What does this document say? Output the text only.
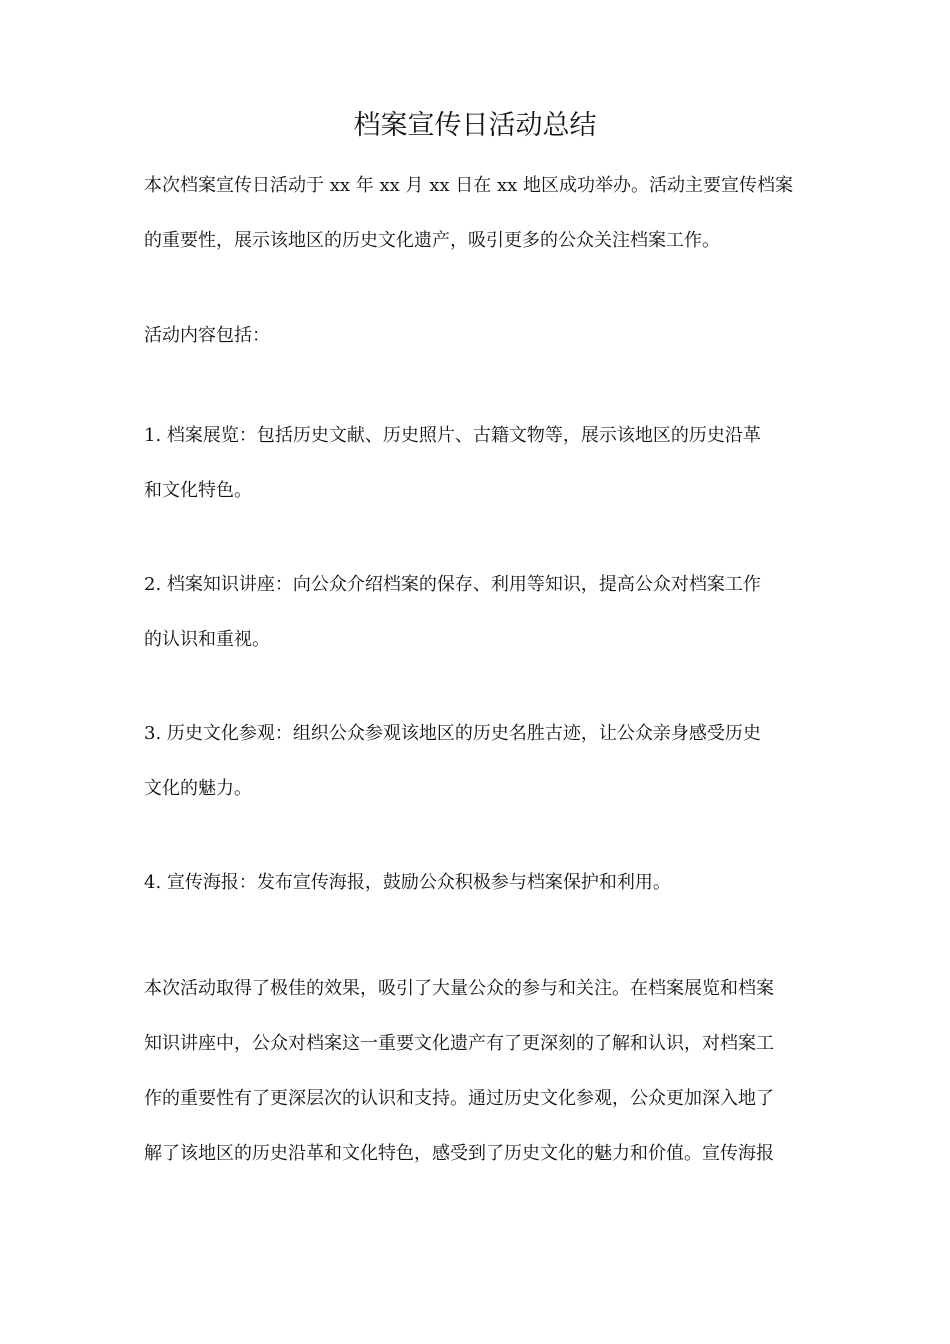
档案宣传日活动总结
本次档案宣传日活动于 xx 年 xx 月 xx 日在 xx 地区成功举办。活动主要宣传档案
的重要性，展示该地区的历史文化遗产，吸引更多的公众关注档案工作。
活动内容包括：
1. 档案展览：包括历史文献、历史照片、古籍文物等，展示该地区的历史沿革
和文化特色。
2. 档案知识讲座：向公众介绍档案的保存、利用等知识，提高公众对档案工作
的认识和重视。
3. 历史文化参观：组织公众参观该地区的历史名胜古迹，让公众亲身感受历史
文化的魅力。
4. 宣传海报：发布宣传海报，鼓励公众积极参与档案保护和利用。
本次活动取得了极佳的效果，吸引了大量公众的参与和关注。在档案展览和档案
知识讲座中，公众对档案这一重要文化遗产有了更深刻的了解和认识，对档案工
作的重要性有了更深层次的认识和支持。通过历史文化参观，公众更加深入地了
解了该地区的历史沿革和文化特色，感受到了历史文化的魅力和价值。宣传海报
